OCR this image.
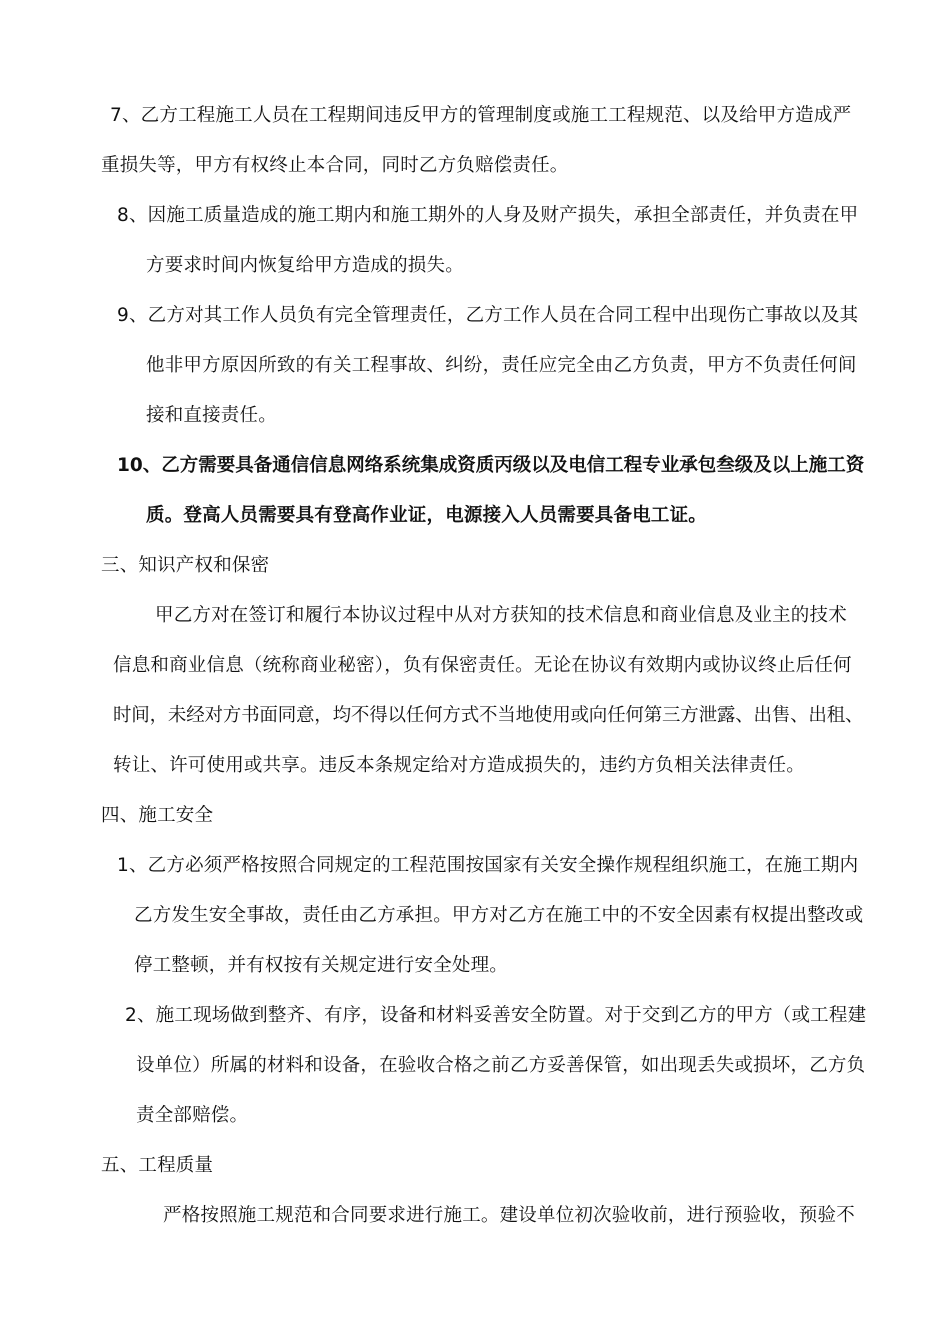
7、乙方工程施工人员在工程期间违反甲方的管理制度或施工工程规范、以及给甲方造成严
重损失等，甲方有权终止本合同，同时乙方负赔偿责任。
8、因施工质量造成的施工期内和施工期外的人身及财产损失，承担全部责任，并负责在甲
方要求时间内恢复给甲方造成的损失。
9、乙方对其工作人员负有完全管理责任，乙方工作人员在合同工程中出现伤亡事故以及其
他非甲方原因所致的有关工程事故、纠纷，责任应完全由乙方负责，甲方不负责任何间
接和直接责任。
10、乙方需要具备通信信息网络系统集成资质丙级以及电信工程专业承包叁级及以上施工资
质。登高人员需要具有登高作业证，电源接入人员需要具备电工证。
三、知识产权和保密
甲乙方对在签订和履行本协议过程中从对方获知的技术信息和商业信息及业主的技术
信息和商业信息（统称商业秘密），负有保密责任。无论在协议有效期内或协议终止后任何
时间，未经对方书面同意，均不得以任何方式不当地使用或向任何第三方泄露、出售、出租、
转让、许可使用或共享。违反本条规定给对方造成损失的，违约方负相关法律责任。
四、施工安全
1、乙方必须严格按照合同规定的工程范围按国家有关安全操作规程组织施工，在施工期内
乙方发生安全事故，责任由乙方承担。甲方对乙方在施工中的不安全因素有权提出整改或
停工整顿，并有权按有关规定进行安全处理。
2、施工现场做到整齐、有序，设备和材料妥善安全防置。对于交到乙方的甲方（或工程建
设单位）所属的材料和设备，在验收合格之前乙方妥善保管，如出现丢失或损坏，乙方负
责全部赔偿。
五、工程质量
严格按照施工规范和合同要求进行施工。建设单位初次验收前，进行预验收，预验不
